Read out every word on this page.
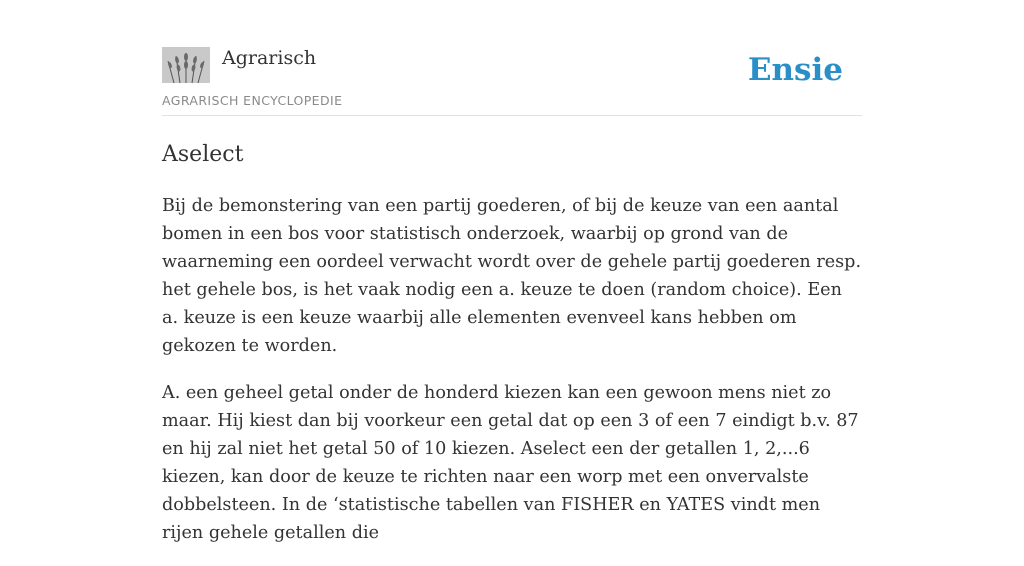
Agrarisch
AGRARISCH ENCYCLOPEDIE
Ensie
Aselect

Bij de bemonstering van een partij goederen, of bij de keuze van een aantal bomen in een bos voor statistisch onderzoek, waarbij op grond van de waarneming een oordeel verwacht wordt over de gehele partij goederen resp. het gehele bos, is het vaak nodig een a. keuze te doen (random choice). Een a. keuze is een keuze waarbij alle elementen evenveel kans hebben om gekozen te worden.

A. een geheel getal onder de honderd kiezen kan een gewoon mens niet zo maar. Hij kiest dan bij voorkeur een getal dat op een 3 of een 7 eindigt b.v. 87 en hij zal niet het getal 50 of 10 kiezen. Aselect een der getallen 1, 2,...6 kiezen, kan door de keuze te richten naar een worp met een onvervalste dobbelsteen. In de ‘statistische tabellen van FISHER en YATES vindt men rijen gehele getallen die
